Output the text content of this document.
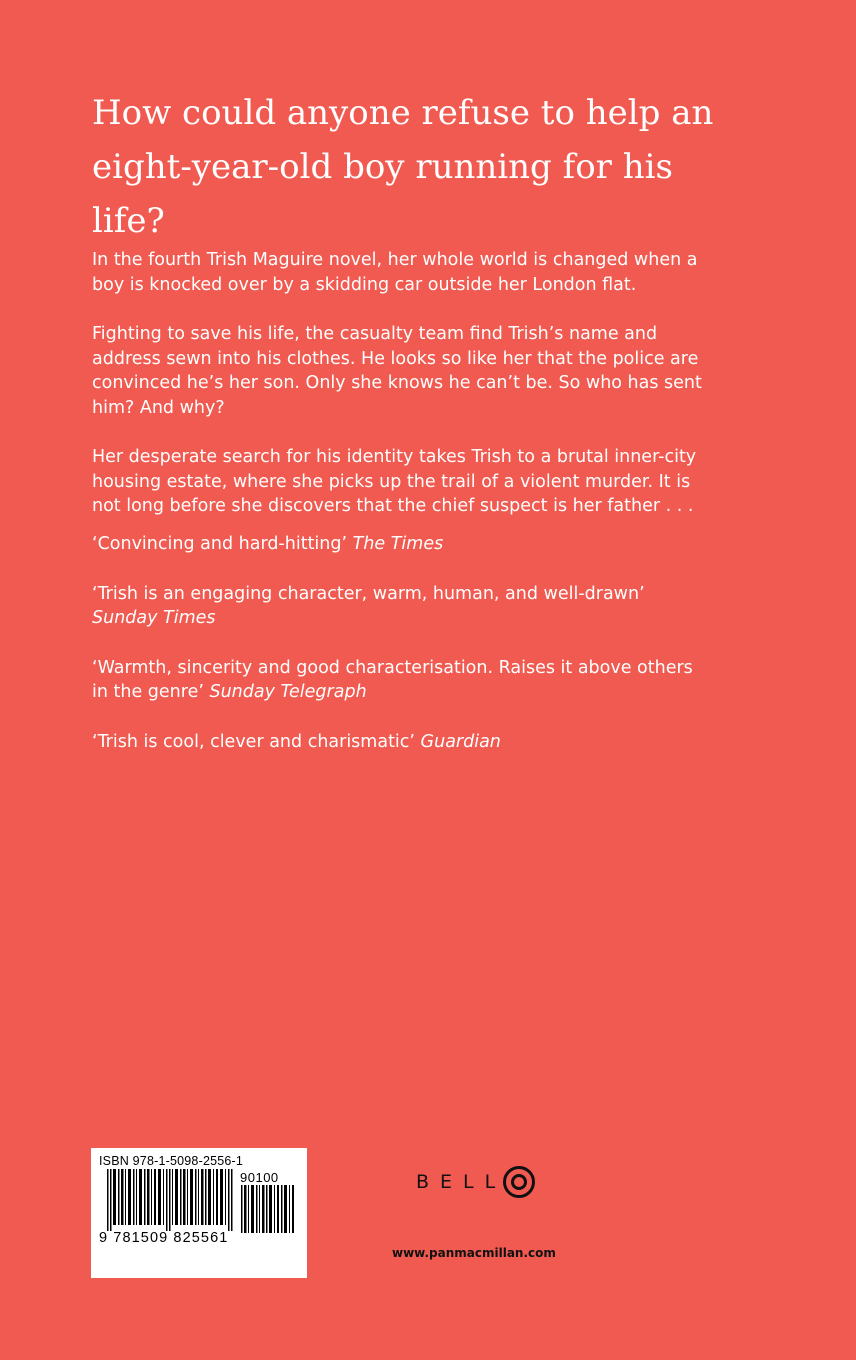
How could anyone refuse to help an eight-year-old boy running for his life?

In the fourth Trish Maguire novel, her whole world is changed when a boy is knocked over by a skidding car outside her London flat.

Fighting to save his life, the casualty team find Trish’s name and address sewn into his clothes. He looks so like her that the police are convinced he’s her son. Only she knows he can’t be. So who has sent him? And why?

Her desperate search for his identity takes Trish to a brutal inner-city housing estate, where she picks up the trail of a violent murder. It is not long before she discovers that the chief suspect is her father . . .

‘Convincing and hard-hitting’ The Times
‘Trish is an engaging character, warm, human, and well-drawn’ Sunday Times
‘Warmth, sincerity and good characterisation. Raises it above others in the genre’ Sunday Telegraph
‘Trish is cool, clever and charismatic’ Guardian
ISBN 978-1-5098-2556-1
90100
9 781509 825561
BELL
www.panmacmillan.com
